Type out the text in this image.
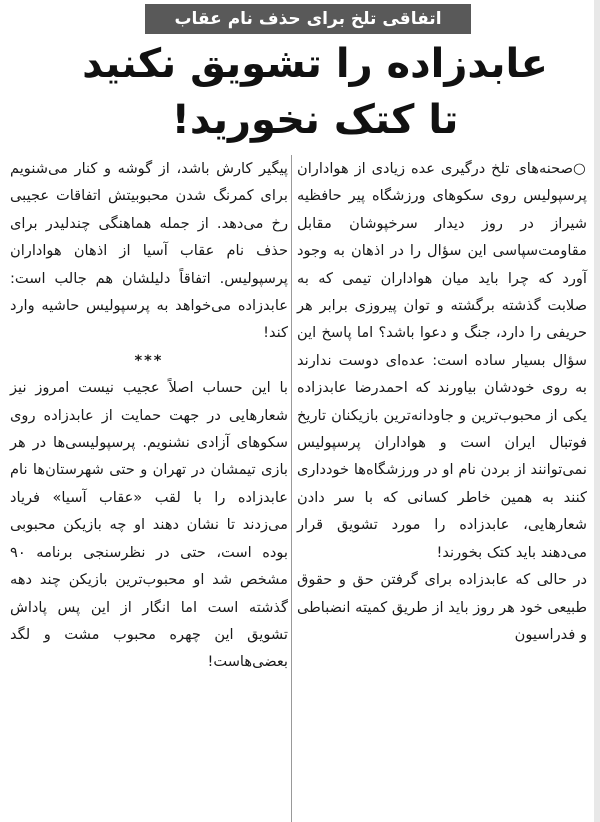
اتفاقی تلخ برای حذف نام عقاب
عابدزاده را تشویق نکنید
تا کتک نخورید!

○صحنه‌های تلخ درگیری عده زیادی از هواداران پرسپولیس روی سکوهای ورزشگاه پیر حافظیه شیراز در روز دیدار سرخپوشان مقابل مقاومت‌سپاسی این سؤال را در اذهان به وجود آورد که چرا باید میان هواداران تیمی که به صلابت گذشته برگشته و توان پیروزی برابر هر حریفی را دارد، جنگ و دعوا باشد؟ اما پاسخ این سؤال بسیار ساده است: عده‌ای دوست ندارند به روی خودشان بیاورند که احمدرضا عابدزاده یکی از محبوب‌ترین و جاودانه‌ترین بازیکنان تاریخ فوتبال ایران است و هواداران پرسپولیس نمی‌توانند از بردن نام او در ورزشگاه‌ها خودداری کنند به همین خاطر کسانی که با سر دادن شعارهایی، عابدزاده را مورد تشویق قرار می‌دهند باید کتک بخورند!

در حالی که عابدزاده برای گرفتن حق و حقوق طبیعی خود هر روز باید از طریق کمیته انضباطی و فدراسیون

پیگیر کارش باشد، از گوشه و کنار می‌شنویم برای کمرنگ شدن محبوبیتش اتفاقات عجیبی رخ می‌دهد. از جمله هماهنگی چندلیدر برای حذف نام عقاب آسیا از اذهان هواداران پرسپولیس. اتفاقاً دلیلشان هم جالب است: عابدزاده می‌خواهد به پرسپولیس حاشیه وارد کند!

***

با این حساب اصلاً عجیب نیست امروز نیز شعارهایی در جهت حمایت از عابدزاده روی سکوهای آزادی نشنویم. پرسپولیسی‌ها در هر بازی تیمشان در تهران و حتی شهرستان‌ها نام عابدزاده را با لقب «عقاب آسیا» فریاد می‌زدند تا نشان دهند او چه بازیکن محبوبی بوده است، حتی در نظرسنجی برنامه ۹۰ مشخص شد او محبوب‌ترین بازیکن چند دهه گذشته است اما انگار از این پس پاداش تشویق این چهره محبوب مشت و لگد بعضی‌هاست!
